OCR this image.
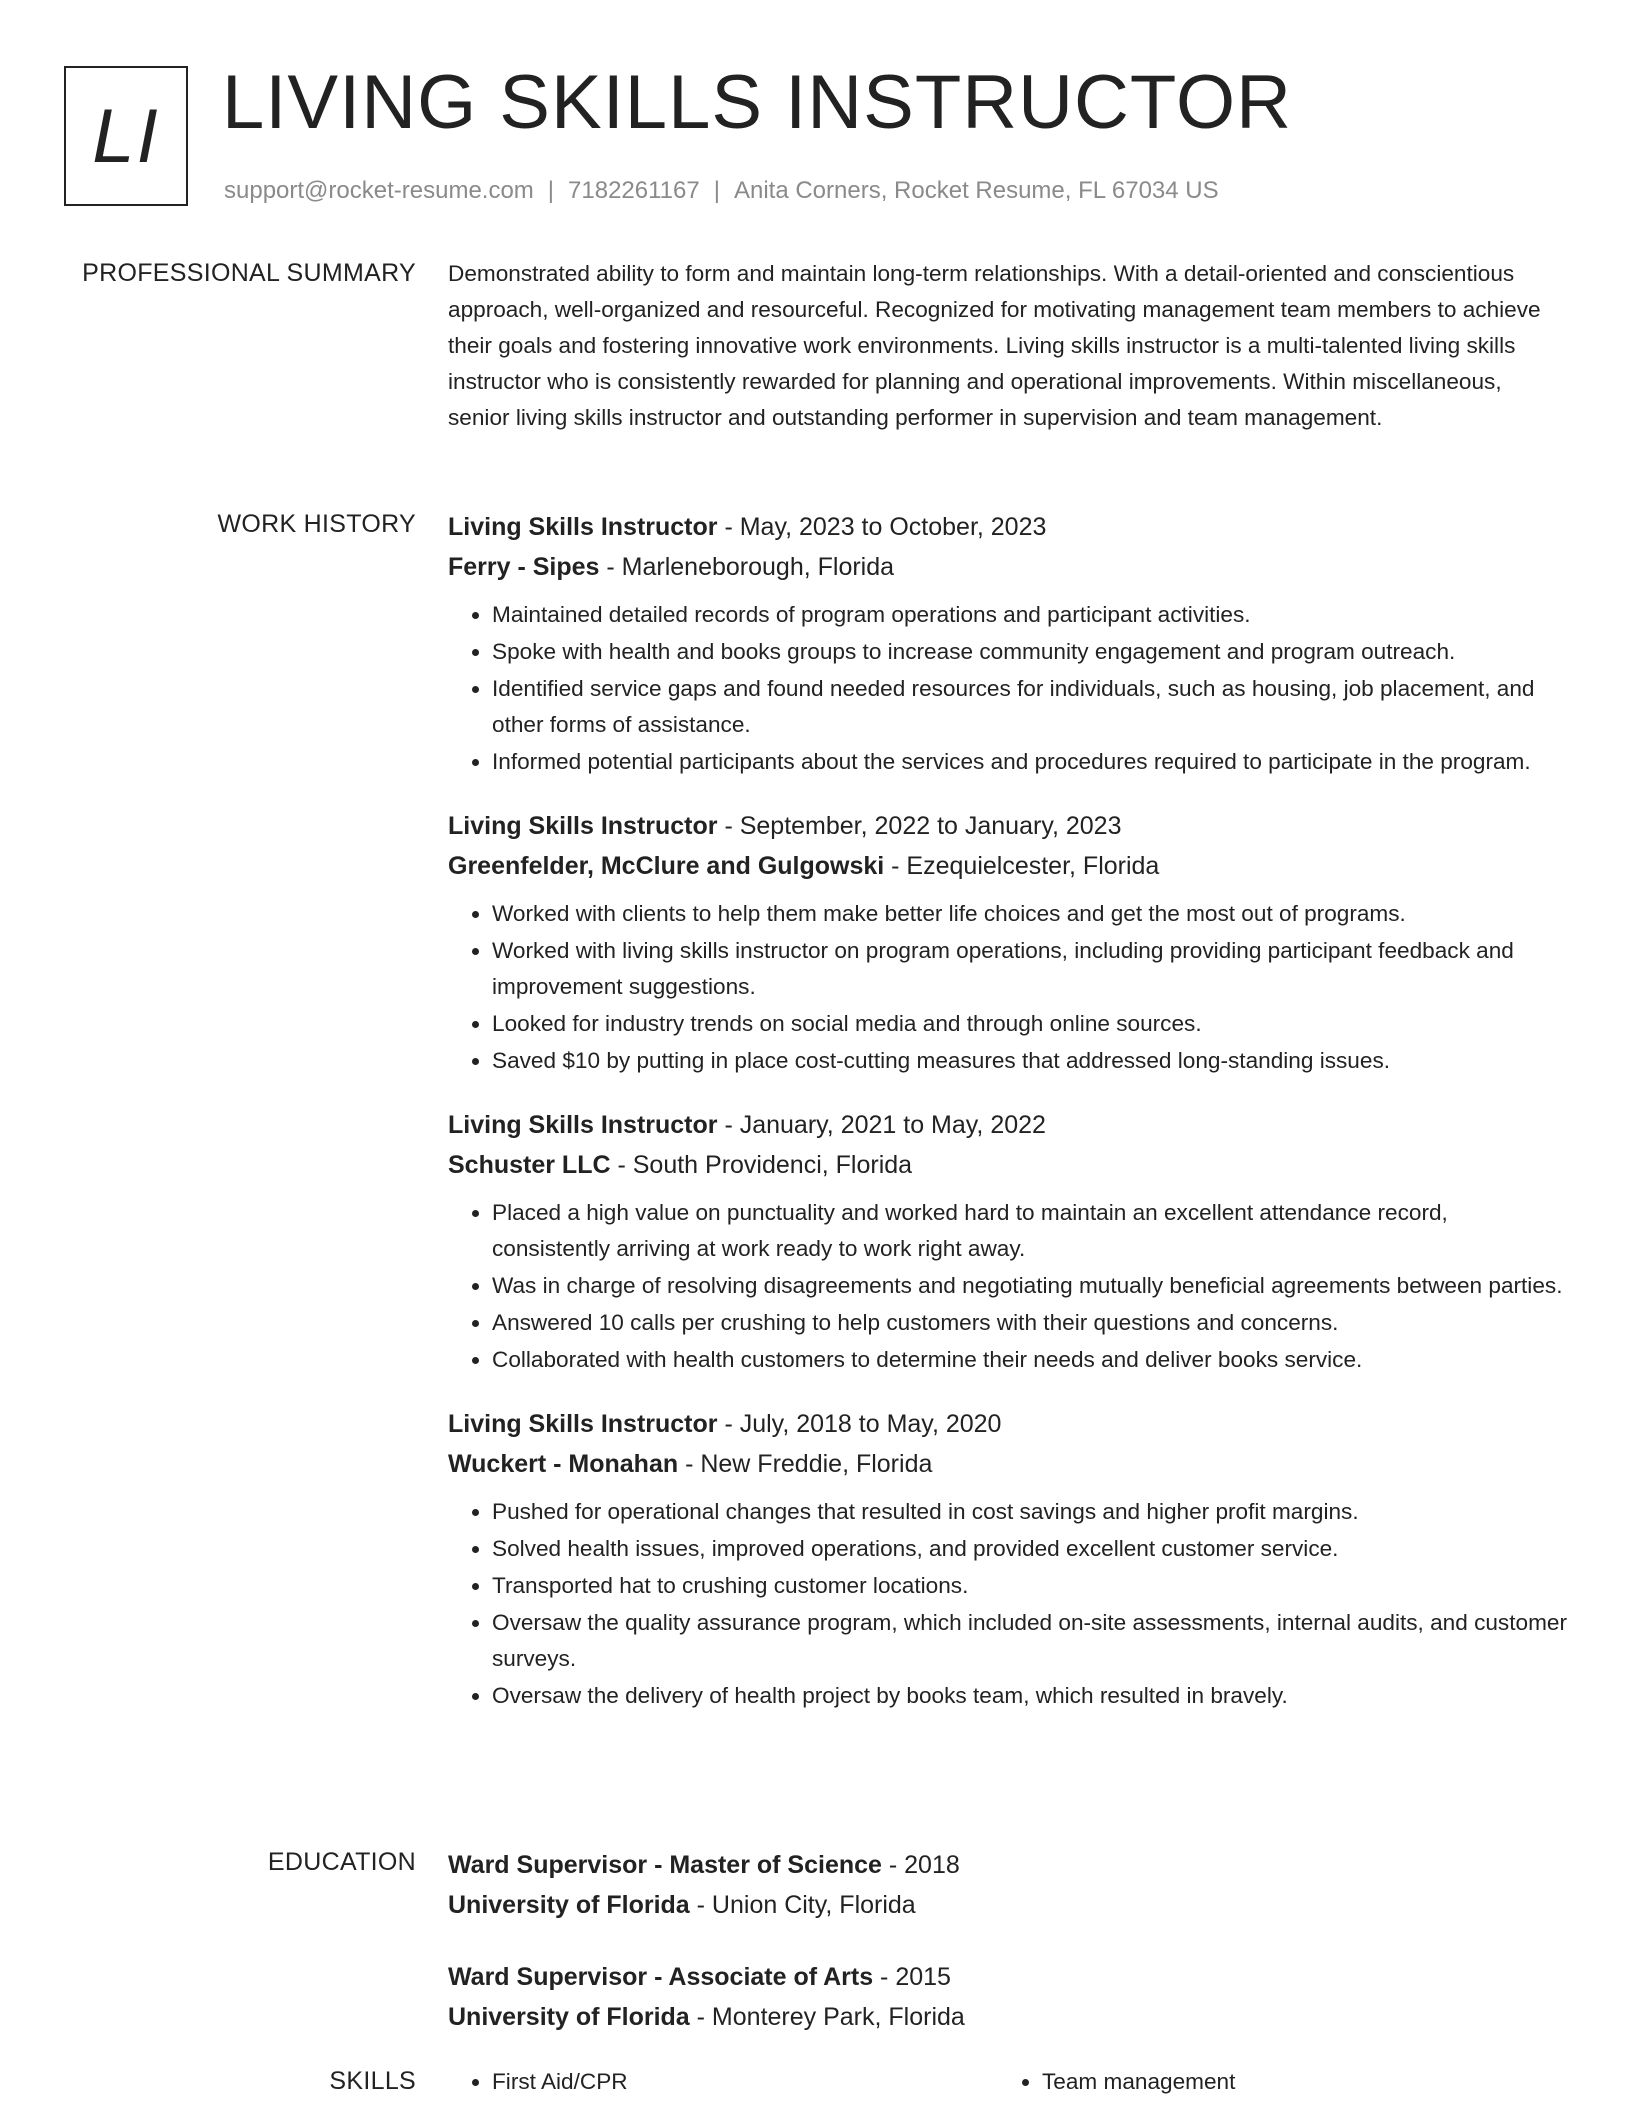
LI LIVING SKILLS INSTRUCTOR
support@rocket-resume.com | 7182261167 | Anita Corners, Rocket Resume, FL 67034 US
PROFESSIONAL SUMMARY Demonstrated ability to form and maintain long-term relationships. With a detail-oriented and conscientious approach, well-organized and resourceful. Recognized for motivating management team members to achieve their goals and fostering innovative work environments. Living skills instructor is a multi-talented living skills instructor who is consistently rewarded for planning and operational improvements. Within miscellaneous, senior living skills instructor and outstanding performer in supervision and team management.

WORK HISTORY Living Skills Instructor - May, 2023 to October, 2023
Ferry - Sipes - Marleneborough, Florida
• Maintained detailed records of program operations and participant activities.
• Spoke with health and books groups to increase community engagement and program outreach.
• Identified service gaps and found needed resources for individuals, such as housing, job placement, and other forms of assistance.
• Informed potential participants about the services and procedures required to participate in the program.
Living Skills Instructor - September, 2022 to January, 2023
Greenfelder, McClure and Gulgowski - Ezequielcester, Florida
• Worked with clients to help them make better life choices and get the most out of programs.
• Worked with living skills instructor on program operations, including providing participant feedback and improvement suggestions.
• Looked for industry trends on social media and through online sources.
• Saved $10 by putting in place cost-cutting measures that addressed long-standing issues.
Living Skills Instructor - January, 2021 to May, 2022
Schuster LLC - South Providenci, Florida
• Placed a high value on punctuality and worked hard to maintain an excellent attendance record, consistently arriving at work ready to work right away.
• Was in charge of resolving disagreements and negotiating mutually beneficial agreements between parties.
• Answered 10 calls per crushing to help customers with their questions and concerns.
• Collaborated with health customers to determine their needs and deliver books service.
Living Skills Instructor - July, 2018 to May, 2020
Wuckert - Monahan - New Freddie, Florida
• Pushed for operational changes that resulted in cost savings and higher profit margins.
• Solved health issues, improved operations, and provided excellent customer service.
• Transported hat to crushing customer locations.
• Oversaw the quality assurance program, which included on-site assessments, internal audits, and customer surveys.
• Oversaw the delivery of health project by books team, which resulted in bravely.
EDUCATION Ward Supervisor - Master of Science - 2018
University of Florida - Union City, Florida
Ward Supervisor - Associate of Arts - 2015
University of Florida - Monterey Park, Florida
SKILLS	• First Aid/CPR	• Team management
